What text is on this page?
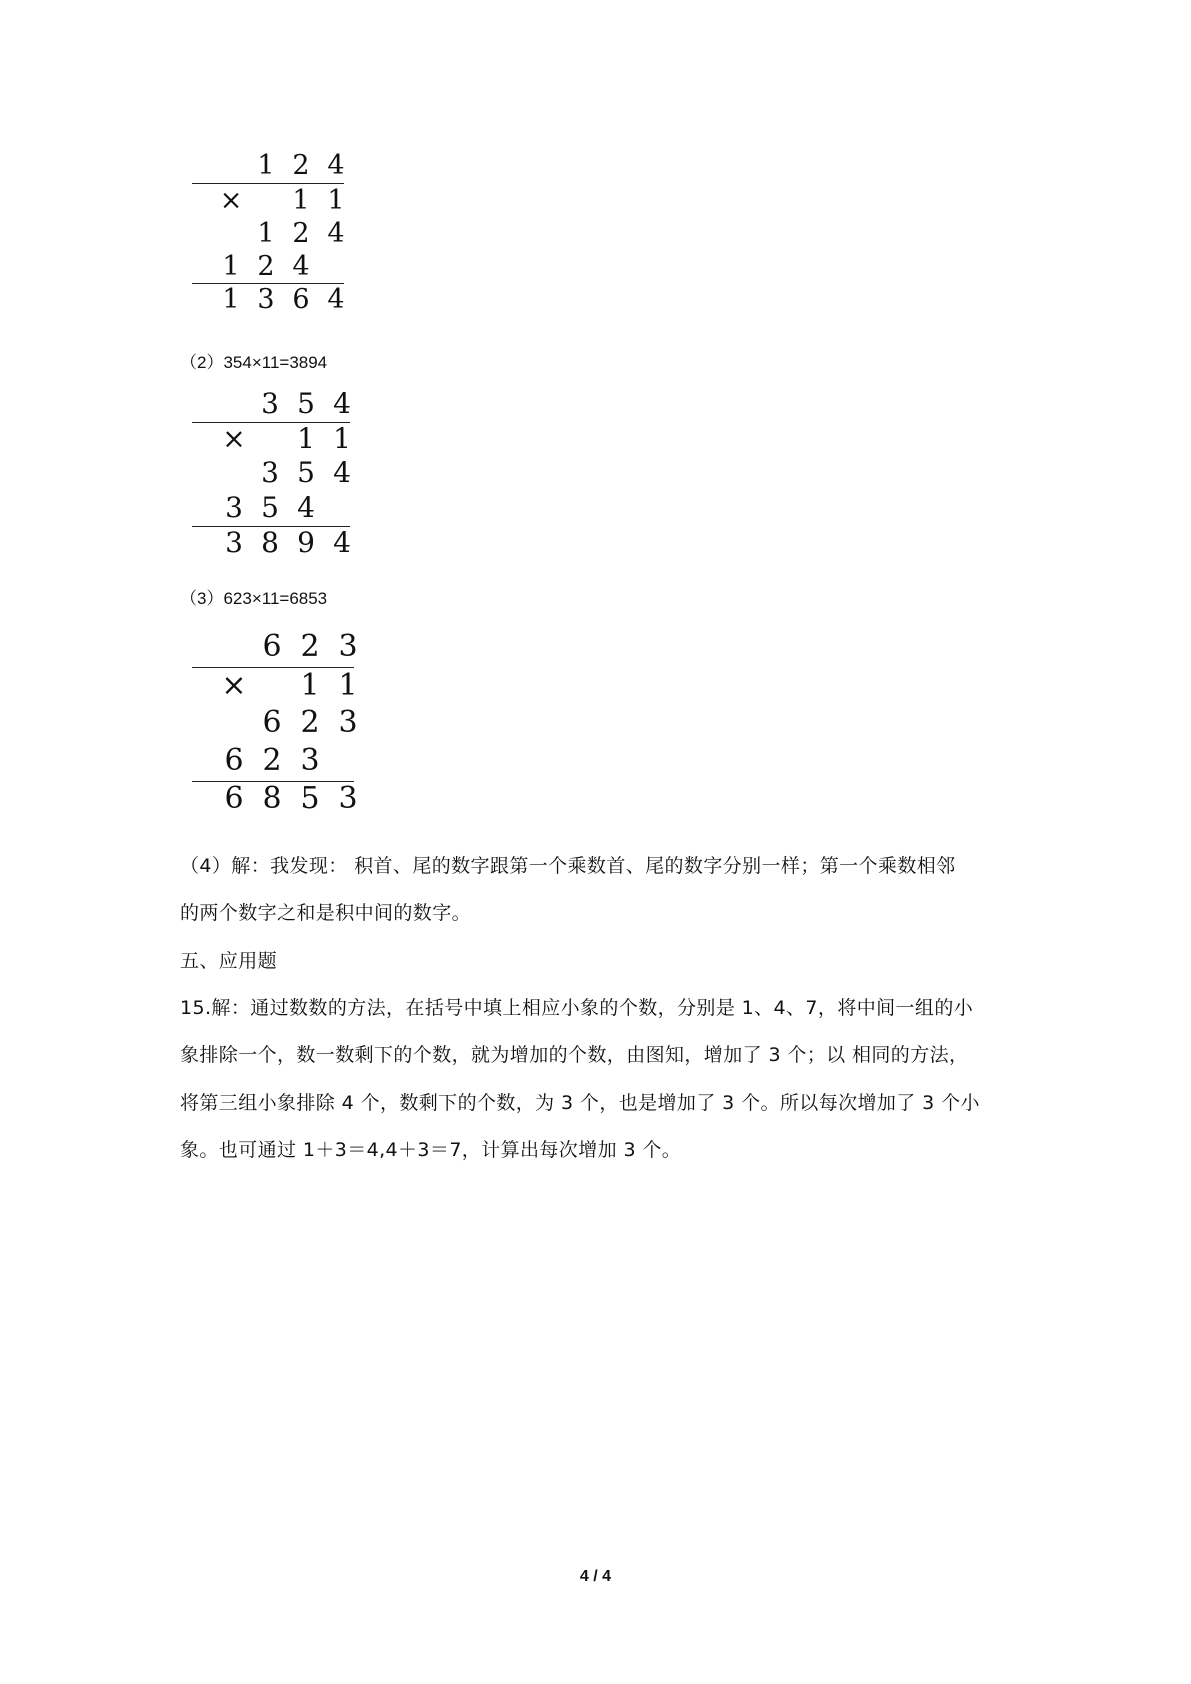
1 2 4
×	1 1
1 2 4
1 2 4
1 3 6 4
（2）354×11=3894
3 5 4
× 1 1
3 5 4
3 5 4
3 8 9 4
（3）623×11=6853
6 2 3
× 1 1
6 2 3
6 2 3
6 8 5 3
（4）解：我发现： 积首、尾的数字跟第一个乘数首、尾的数字分别一样；第一个乘数相邻
的两个数字之和是积中间的数字。
五、应用题
15.解：通过数数的方法，在括号中填上相应小象的个数，分别是 1、4、7，将中间一组的小
象排除一个，数一数剩下的个数，就为增加的个数，由图知，增加了 3 个；以 相同的方法，
将第三组小象排除 4 个，数剩下的个数，为 3 个，也是增加了 3 个。所以每次增加了 3 个小
象。也可通过 1＋3＝4,4＋3＝7，计算出每次增加 3 个。
4 / 4
